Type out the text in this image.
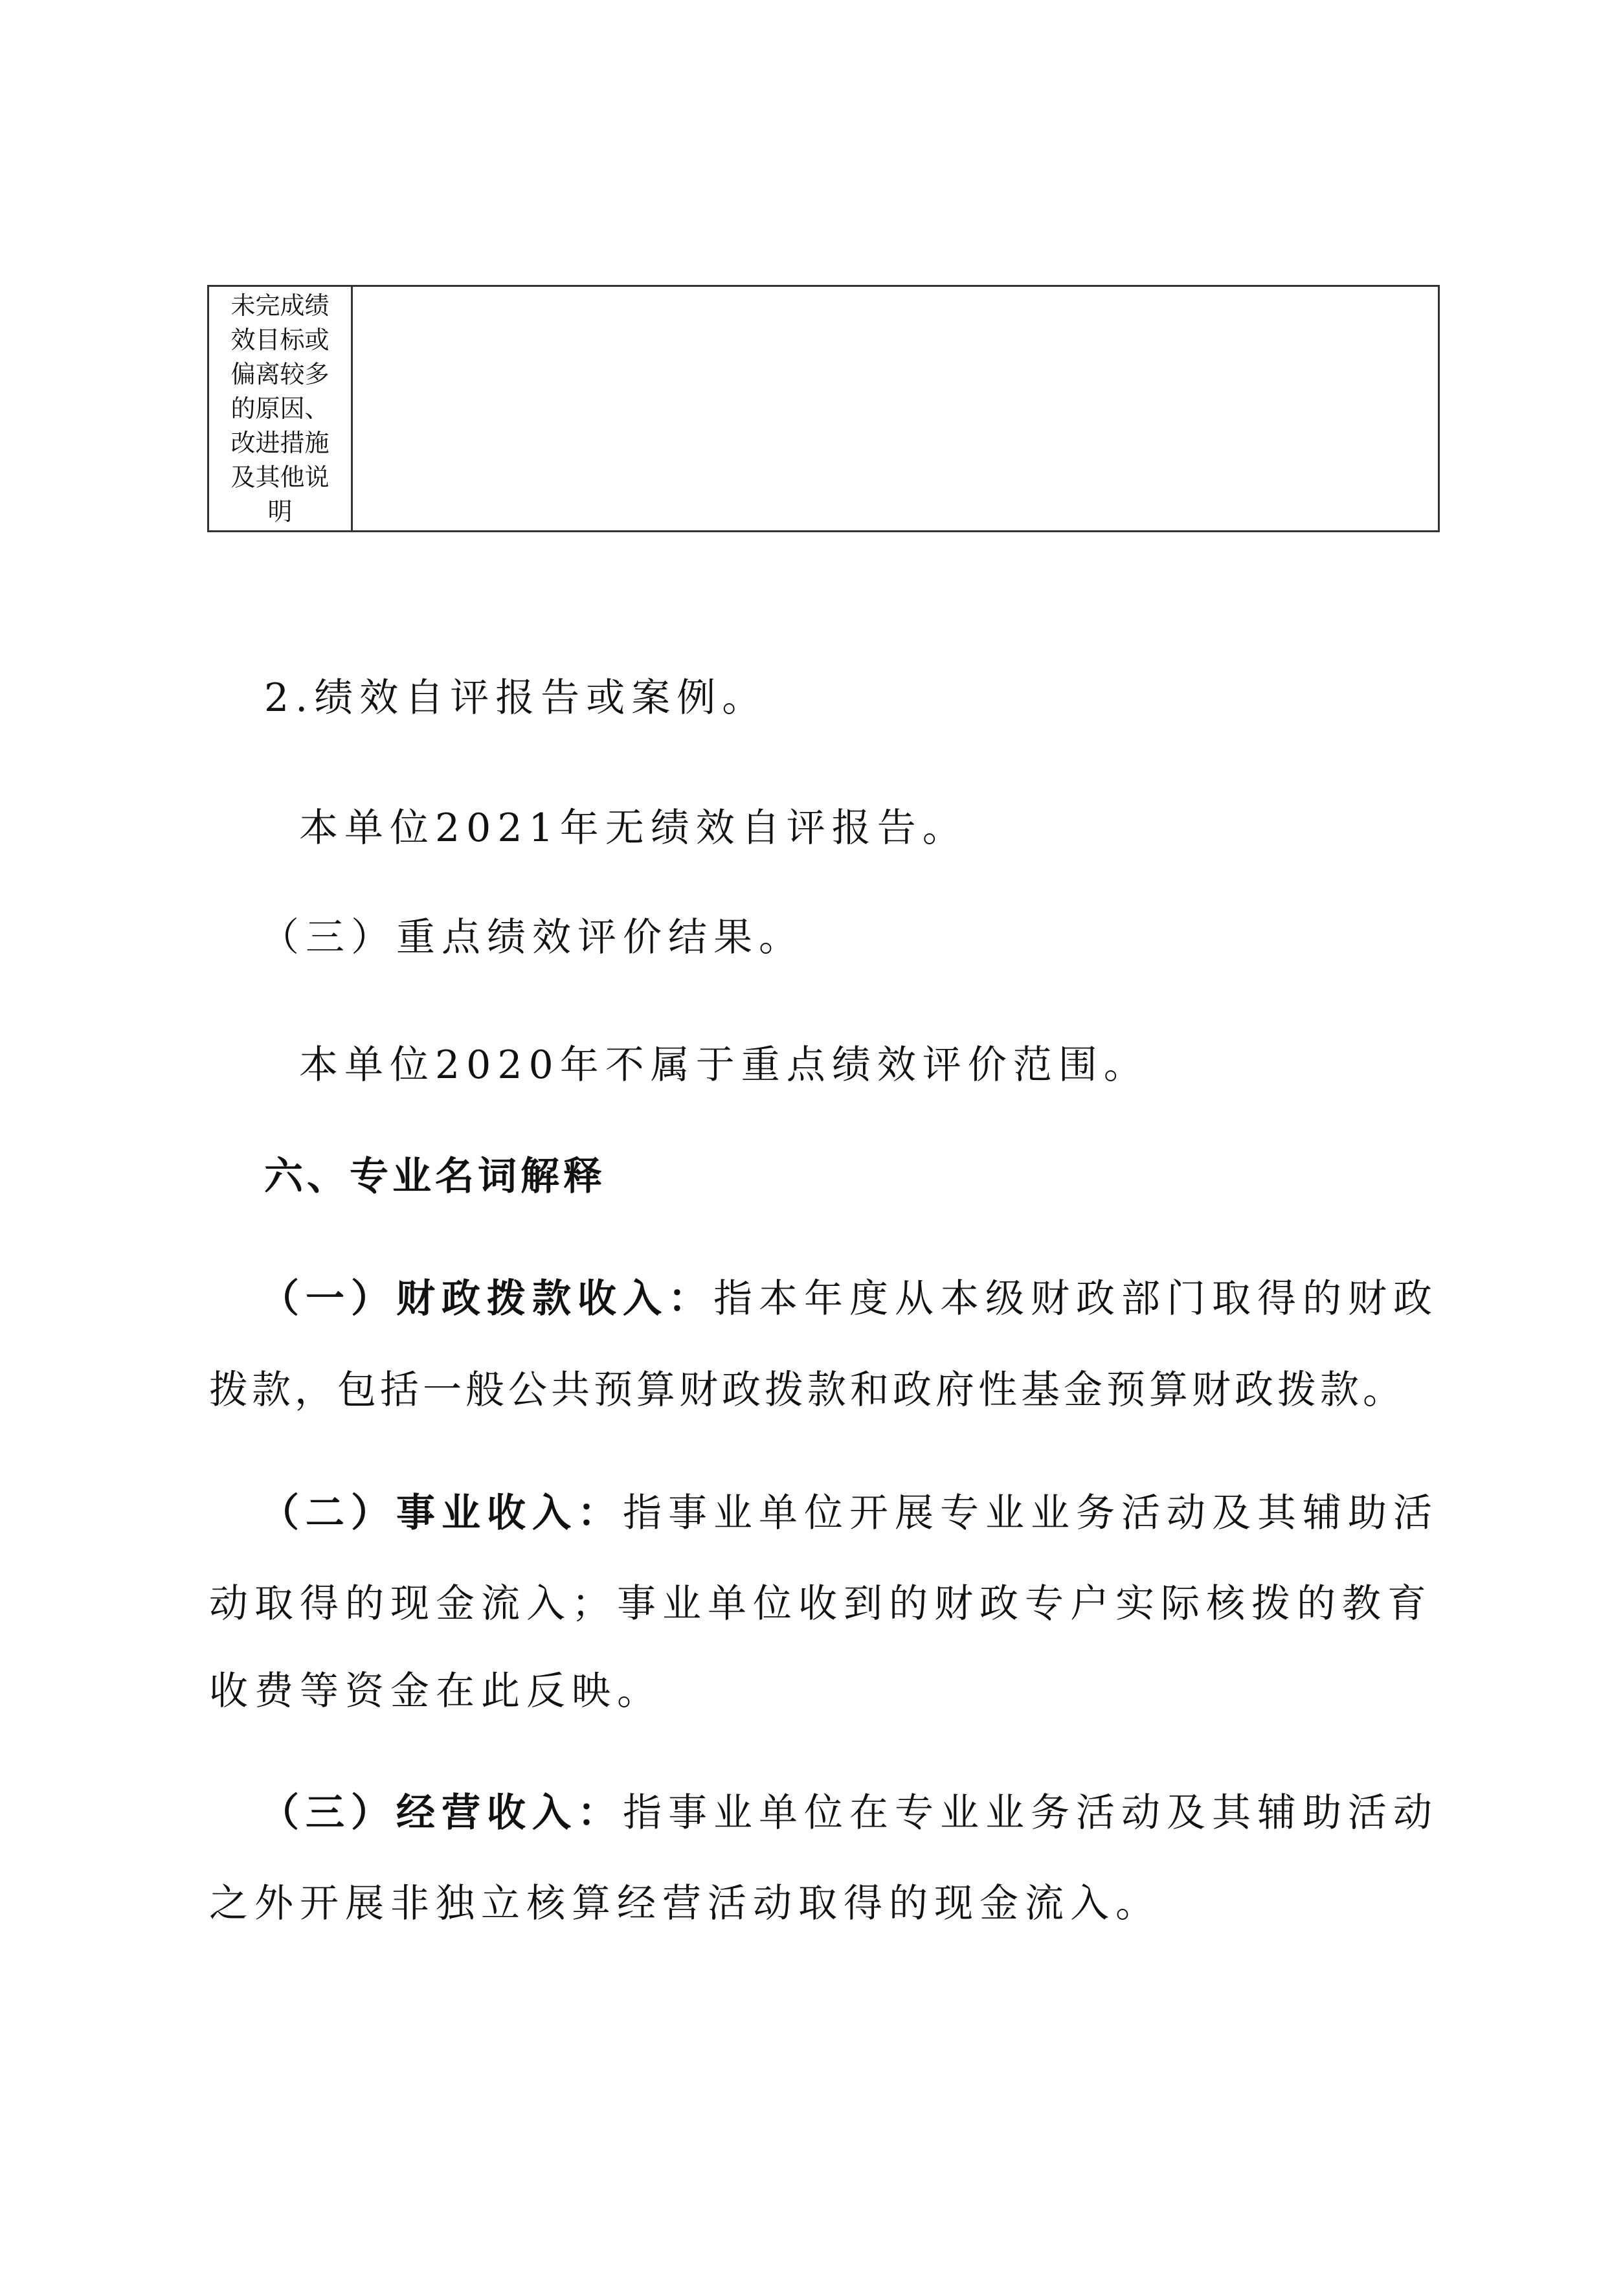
未完成绩效目标或偏离较多的原因、改进措施及其他说明

2.绩效自评报告或案例。

本单位2021年无绩效自评报告。

（三）重点绩效评价结果。

本单位2020年不属于重点绩效评价范围。

六、专业名词解释

（一）财政拨款收入：指本年度从本级财政部门取得的财政

拨款，包括一般公共预算财政拨款和政府性基金预算财政拨款。

（二）事业收入：指事业单位开展专业业务活动及其辅助活

动取得的现金流入；事业单位收到的财政专户实际核拨的教育

收费等资金在此反映。

（三）经营收入：指事业单位在专业业务活动及其辅助活动

之外开展非独立核算经营活动取得的现金流入。
